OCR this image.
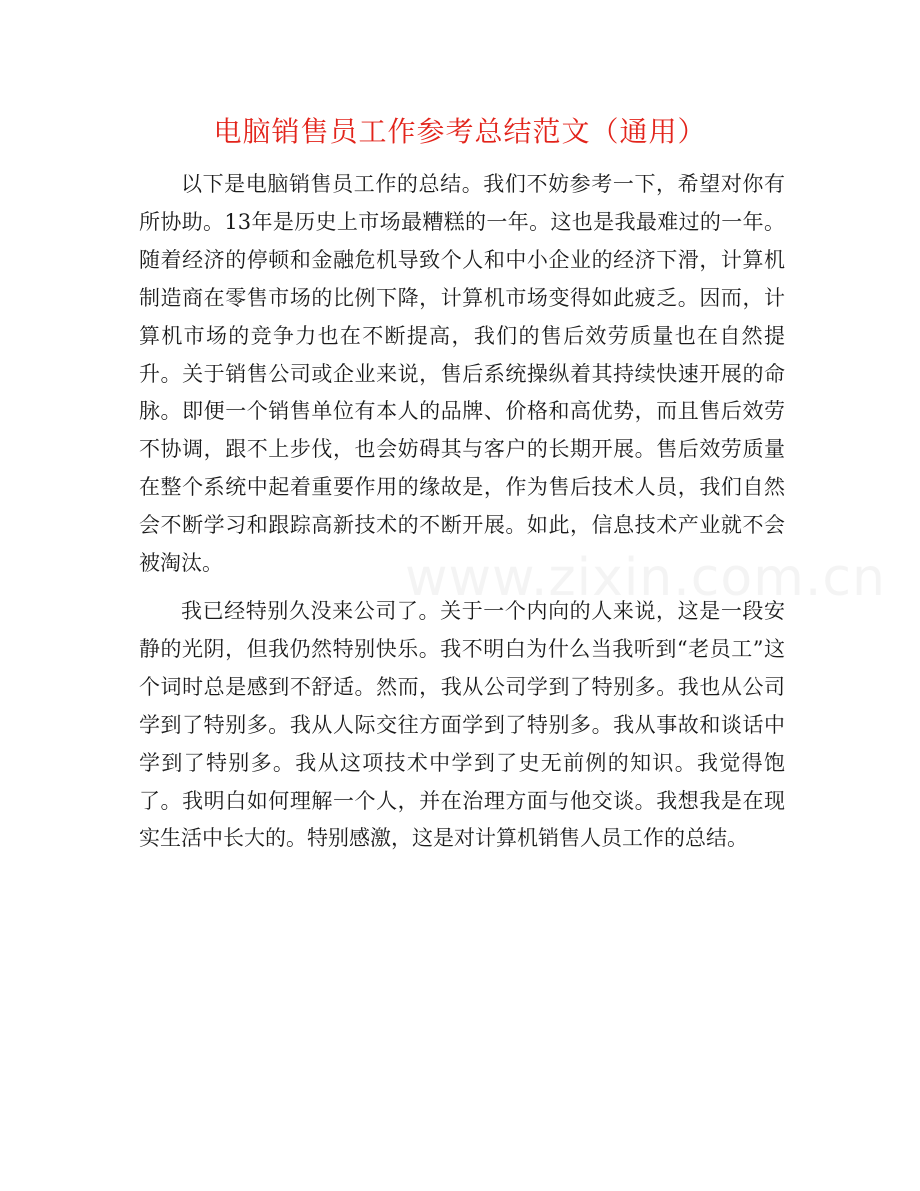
电脑销售员工作参考总结范文（通用）

以下是电脑销售员工作的总结。我们不妨参考一下，希望对你有所协助。13年是历史上市场最糟糕的一年。这也是我最难过的一年。随着经济的停顿和金融危机导致个人和中小企业的经济下滑，计算机制造商在零售市场的比例下降，计算机市场变得如此疲乏。因而，计算机市场的竞争力也在不断提高，我们的售后效劳质量也在自然提升。关于销售公司或企业来说，售后系统操纵着其持续快速开展的命脉。即便一个销售单位有本人的品牌、价格和高优势，而且售后效劳不协调，跟不上步伐，也会妨碍其与客户的长期开展。售后效劳质量在整个系统中起着重要作用的缘故是，作为售后技术人员，我们自然会不断学习和跟踪高新技术的不断开展。如此，信息技术产业就不会被淘汰。

我已经特别久没来公司了。关于一个内向的人来说，这是一段安静的光阴，但我仍然特别快乐。我不明白为什么当我听到“老员工”这个词时总是感到不舒适。然而，我从公司学到了特别多。我也从公司学到了特别多。我从人际交往方面学到了特别多。我从事故和谈话中学到了特别多。我从这项技术中学到了史无前例的知识。我觉得饱了。我明白如何理解一个人，并在治理方面与他交谈。我想我是在现实生活中长大的。特别感激，这是对计算机销售人员工作的总结。

www.zixin.com.cn
